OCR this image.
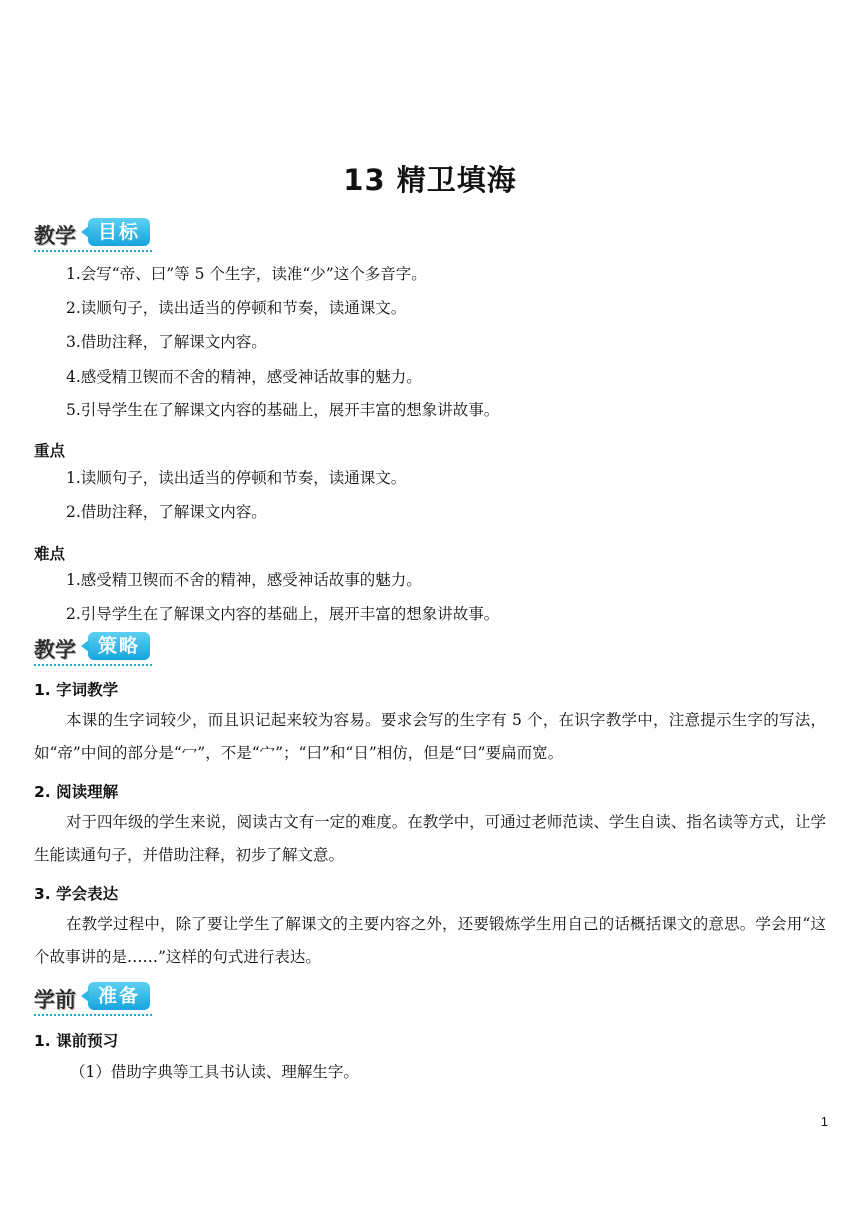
13 精卫填海
教学	目标
1.会写“帝、曰”等 5 个生字，读准“少”这个多音字。
2.读顺句子，读出适当的停顿和节奏，读通课文。
3.借助注释，了解课文内容。
4.感受精卫锲而不舍的精神，感受神话故事的魅力。
5.引导学生在了解课文内容的基础上，展开丰富的想象讲故事。
重点
1.读顺句子，读出适当的停顿和节奏，读通课文。
2.借助注释，了解课文内容。
难点
1.感受精卫锲而不舍的精神，感受神话故事的魅力。
2.引导学生在了解课文内容的基础上，展开丰富的想象讲故事。
教学	策略
1. 字词教学
本课的生字词较少，而且识记起来较为容易。要求会写的生字有 5 个，在识字教学中，注意提示生字的写法，如“帝”中间的部分是“冖”，不是“宀”；“曰”和“日”相仿，但是“曰”要扁而宽。
2. 阅读理解
对于四年级的学生来说，阅读古文有一定的难度。在教学中，可通过老师范读、学生自读、指名读等方式，让学生能读通句子，并借助注释，初步了解文意。
3. 学会表达
在教学过程中，除了要让学生了解课文的主要内容之外，还要锻炼学生用自己的话概括课文的意思。学会用“这个故事讲的是……”这样的句式进行表达。
学前	准备
1. 课前预习
（1）借助字典等工具书认读、理解生字。
1
